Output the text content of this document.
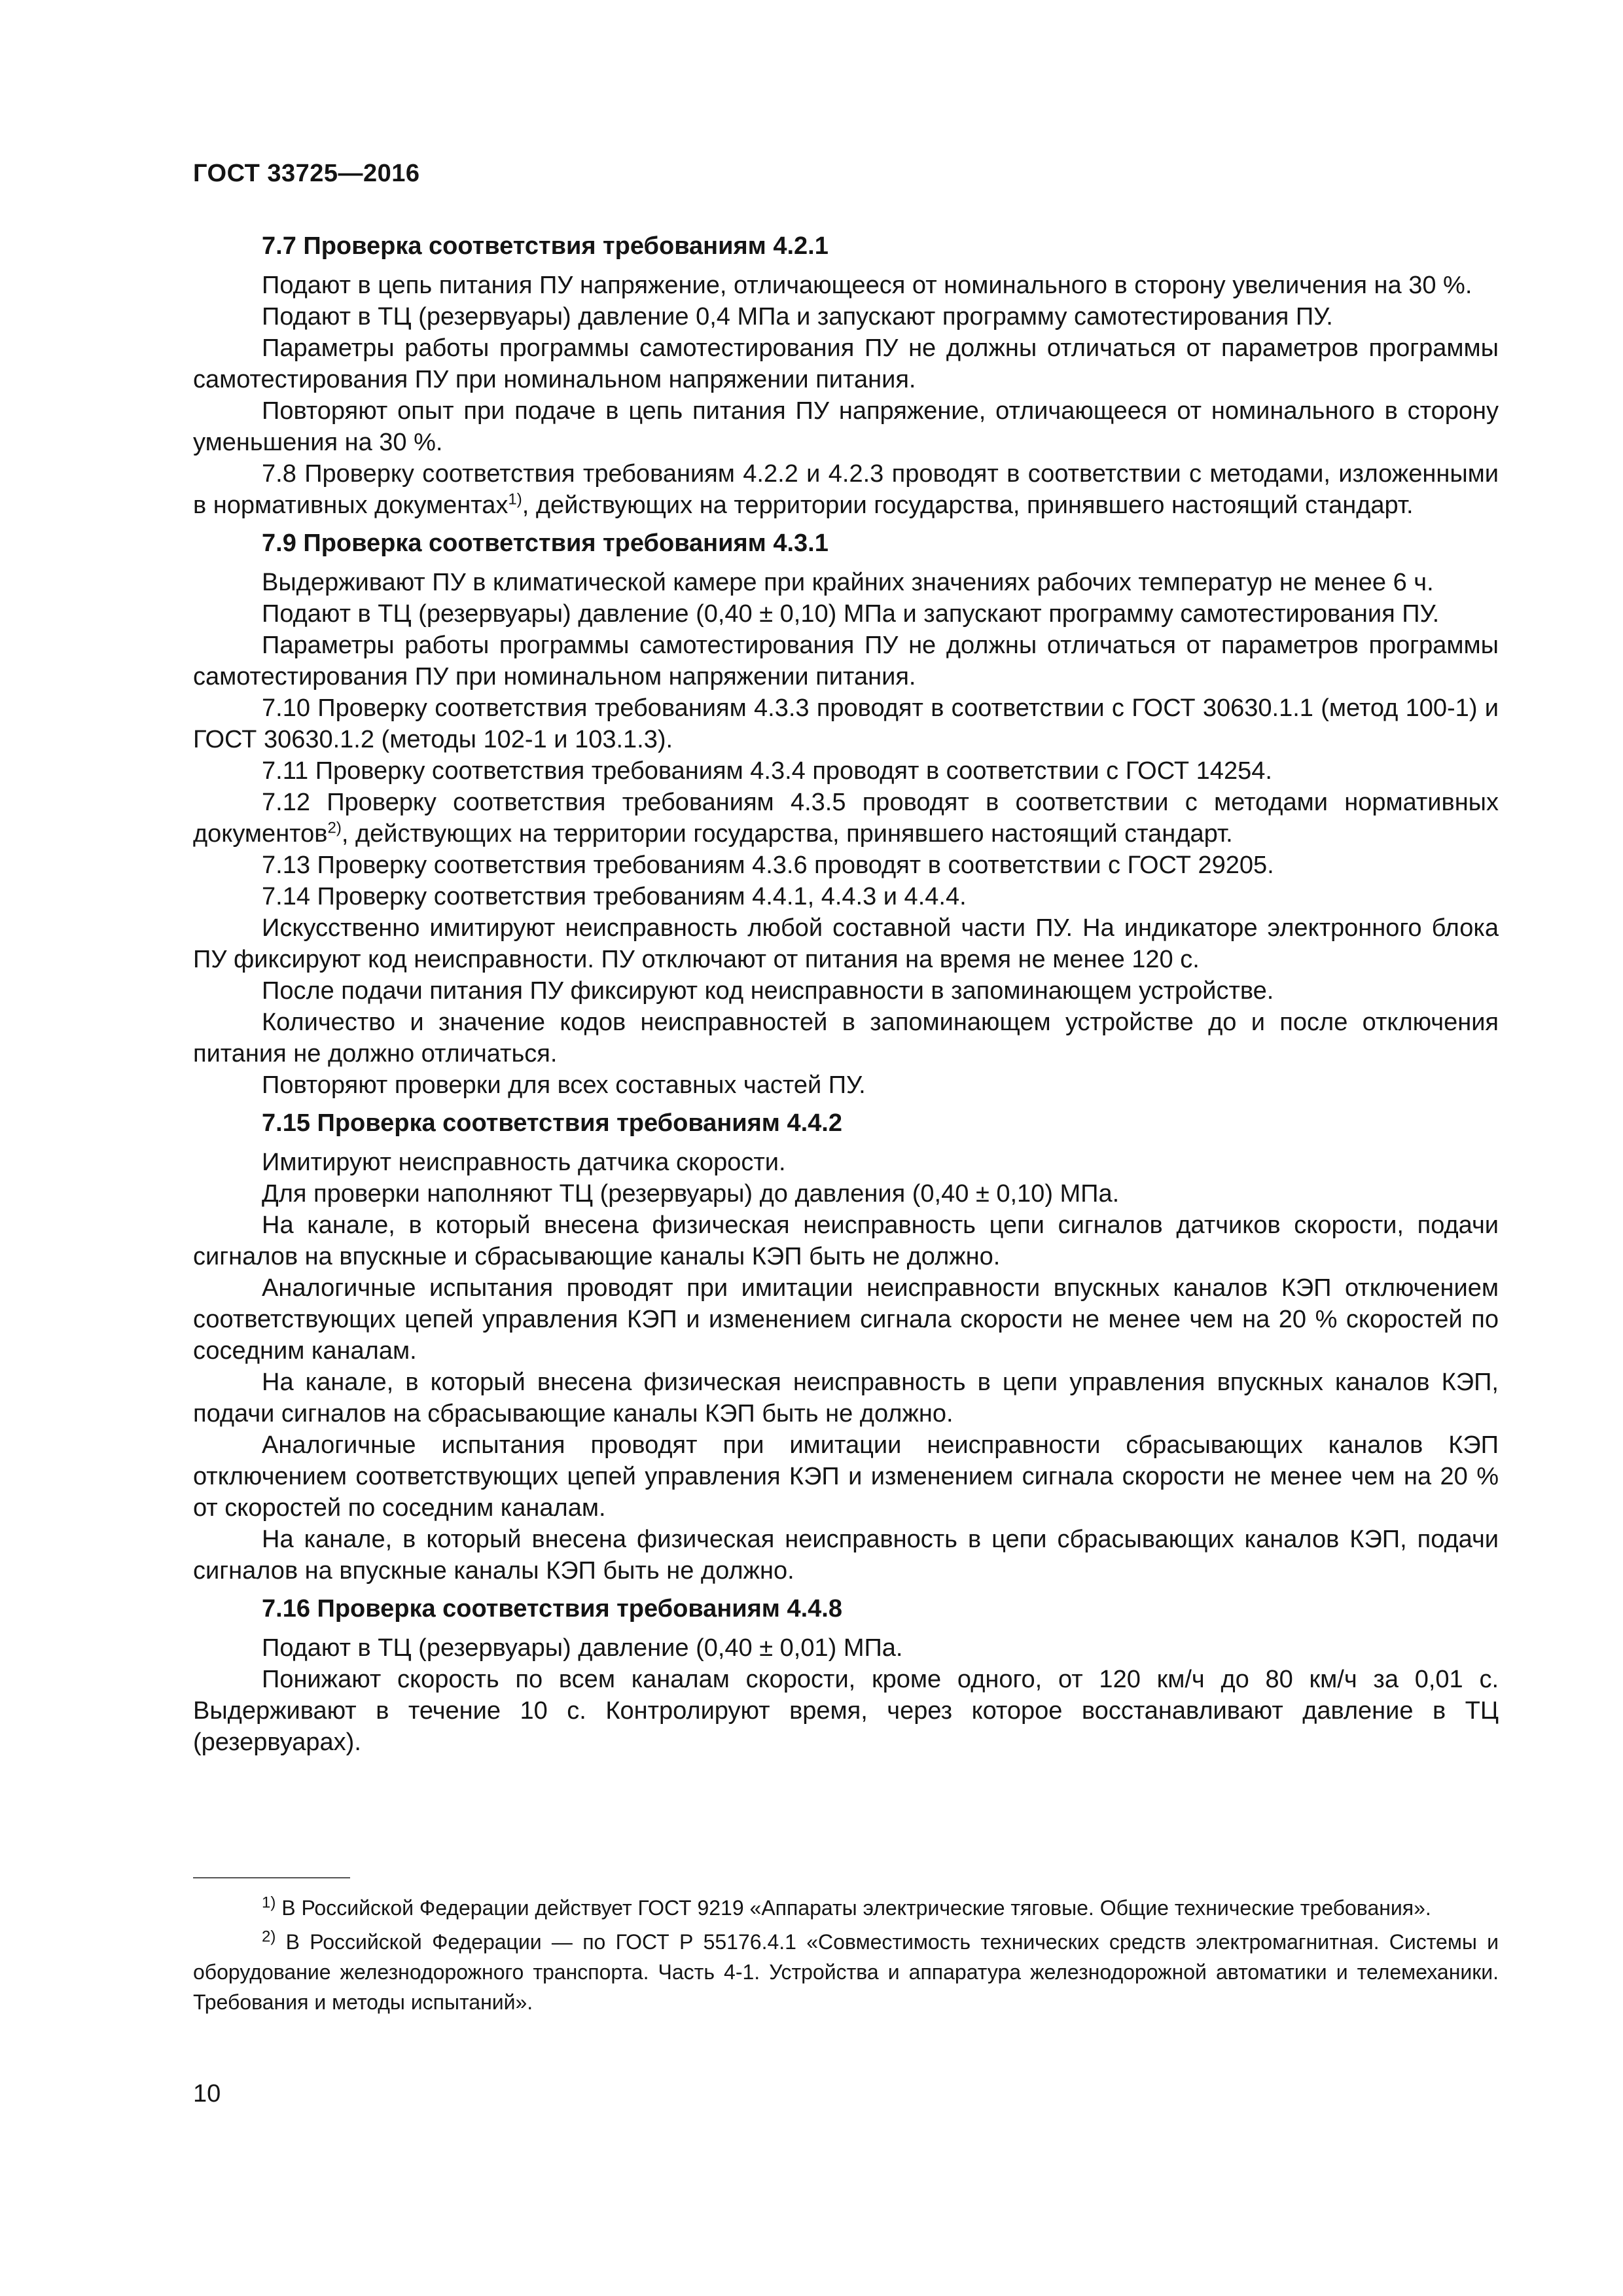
ГОСТ 33725—2016
7.7 Проверка соответствия требованиям 4.2.1

Подают в цепь питания ПУ напряжение, отличающееся от номинального в сторону увеличения на 30 %.

Подают в ТЦ (резервуары) давление 0,4 МПа и запускают программу самотестирования ПУ.

Параметры работы программы самотестирования ПУ не должны отличаться от параметров программы самотестирования ПУ при номинальном напряжении питания.

Повторяют опыт при подаче в цепь питания ПУ напряжение, отличающееся от номинального в сторону уменьшения на 30 %.

7.8 Проверку соответствия требованиям 4.2.2 и 4.2.3 проводят в соответствии с методами, изложенными в нормативных документах$^{1)}$, действующих на территории государства, принявшего настоящий стандарт.

7.9 Проверка соответствия требованиям 4.3.1

Выдерживают ПУ в климатической камере при крайних значениях рабочих температур не менее 6 ч.

Подают в ТЦ (резервуары) давление (0,40 ± 0,10) МПа и запускают программу самотестирования ПУ.

Параметры работы программы самотестирования ПУ не должны отличаться от параметров программы самотестирования ПУ при номинальном напряжении питания.

7.10 Проверку соответствия требованиям 4.3.3 проводят в соответствии с ГОСТ 30630.1.1 (метод 100-1) и ГОСТ 30630.1.2 (методы 102-1 и 103.1.3).

7.11 Проверку соответствия требованиям 4.3.4 проводят в соответствии с ГОСТ 14254.

7.12 Проверку соответствия требованиям 4.3.5 проводят в соответствии с методами нормативных документов$^{2)}$, действующих на территории государства, принявшего настоящий стандарт.

7.13 Проверку соответствия требованиям 4.3.6 проводят в соответствии с ГОСТ 29205.

7.14 Проверку соответствия требованиям 4.4.1, 4.4.3 и 4.4.4.

Искусственно имитируют неисправность любой составной части ПУ. На индикаторе электронного блока ПУ фиксируют код неисправности. ПУ отключают от питания на время не менее 120 с.

После подачи питания ПУ фиксируют код неисправности в запоминающем устройстве.

Количество и значение кодов неисправностей в запоминающем устройстве до и после отключения питания не должно отличаться.

Повторяют проверки для всех составных частей ПУ.

7.15 Проверка соответствия требованиям 4.4.2

Имитируют неисправность датчика скорости.

Для проверки наполняют ТЦ (резервуары) до давления (0,40 ± 0,10) МПа.

На канале, в который внесена физическая неисправность цепи сигналов датчиков скорости, подачи сигналов на впускные и сбрасывающие каналы КЭП быть не должно.

Аналогичные испытания проводят при имитации неисправности впускных каналов КЭП отключением соответствующих цепей управления КЭП и изменением сигнала скорости не менее чем на 20 % скоростей по соседним каналам.

На канале, в который внесена физическая неисправность в цепи управления впускных каналов КЭП, подачи сигналов на сбрасывающие каналы КЭП быть не должно.

Аналогичные испытания проводят при имитации неисправности сбрасывающих каналов КЭП отключением соответствующих цепей управления КЭП и изменением сигнала скорости не менее чем на 20 % от скоростей по соседним каналам.

На канале, в который внесена физическая неисправность в цепи сбрасывающих каналов КЭП, подачи сигналов на впускные каналы КЭП быть не должно.

7.16 Проверка соответствия требованиям 4.4.8

Подают в ТЦ (резервуары) давление (0,40 ± 0,01) МПа.

Понижают скорость по всем каналам скорости, кроме одного, от 120 км/ч до 80 км/ч за 0,01 с. Выдерживают в течение 10 с. Контролируют время, через которое восстанавливают давление в ТЦ (резервуарах).

$^{1)}$ В Российской Федерации действует ГОСТ 9219 «Аппараты электрические тяговые. Общие технические требования».

$^{2)}$ В Российской Федерации — по ГОСТ Р 55176.4.1 «Совместимость технических средств электромагнитная. Системы и оборудование железнодорожного транспорта. Часть 4-1. Устройства и аппаратура железнодорожной автоматики и телемеханики. Требования и методы испытаний».

10
